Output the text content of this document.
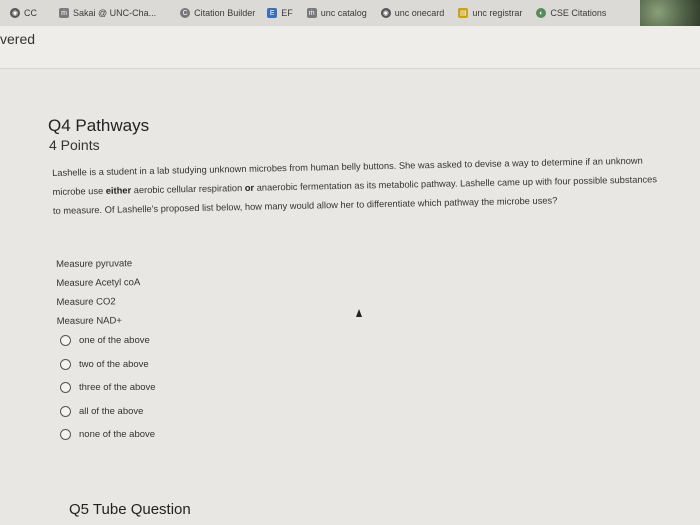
◉ CC	ṁ Sakai @ UNC-Cha...	C Citation Builder	E EF ṁ unc catalog ◉ unc onecard ▤ unc registrar	◐ CSE Citations
vered
Q4 Pathways
4 Points
Lashelle is a student in a lab studying unknown microbes from human belly buttons. She was asked to devise a way to determine if an unknown microbe use either aerobic cellular respiration or anaerobic fermentation as its metabolic pathway. Lashelle came up with four possible substances to measure. Of Lashelle's proposed list below, how many would allow her to differentiate which pathway the microbe uses?
Measure pyruvate
Measure Acetyl coA
Measure CO2
Measure NAD+
one of the above
two of the above
three of the above
all of the above
none of the above
Q5 Tube Question
